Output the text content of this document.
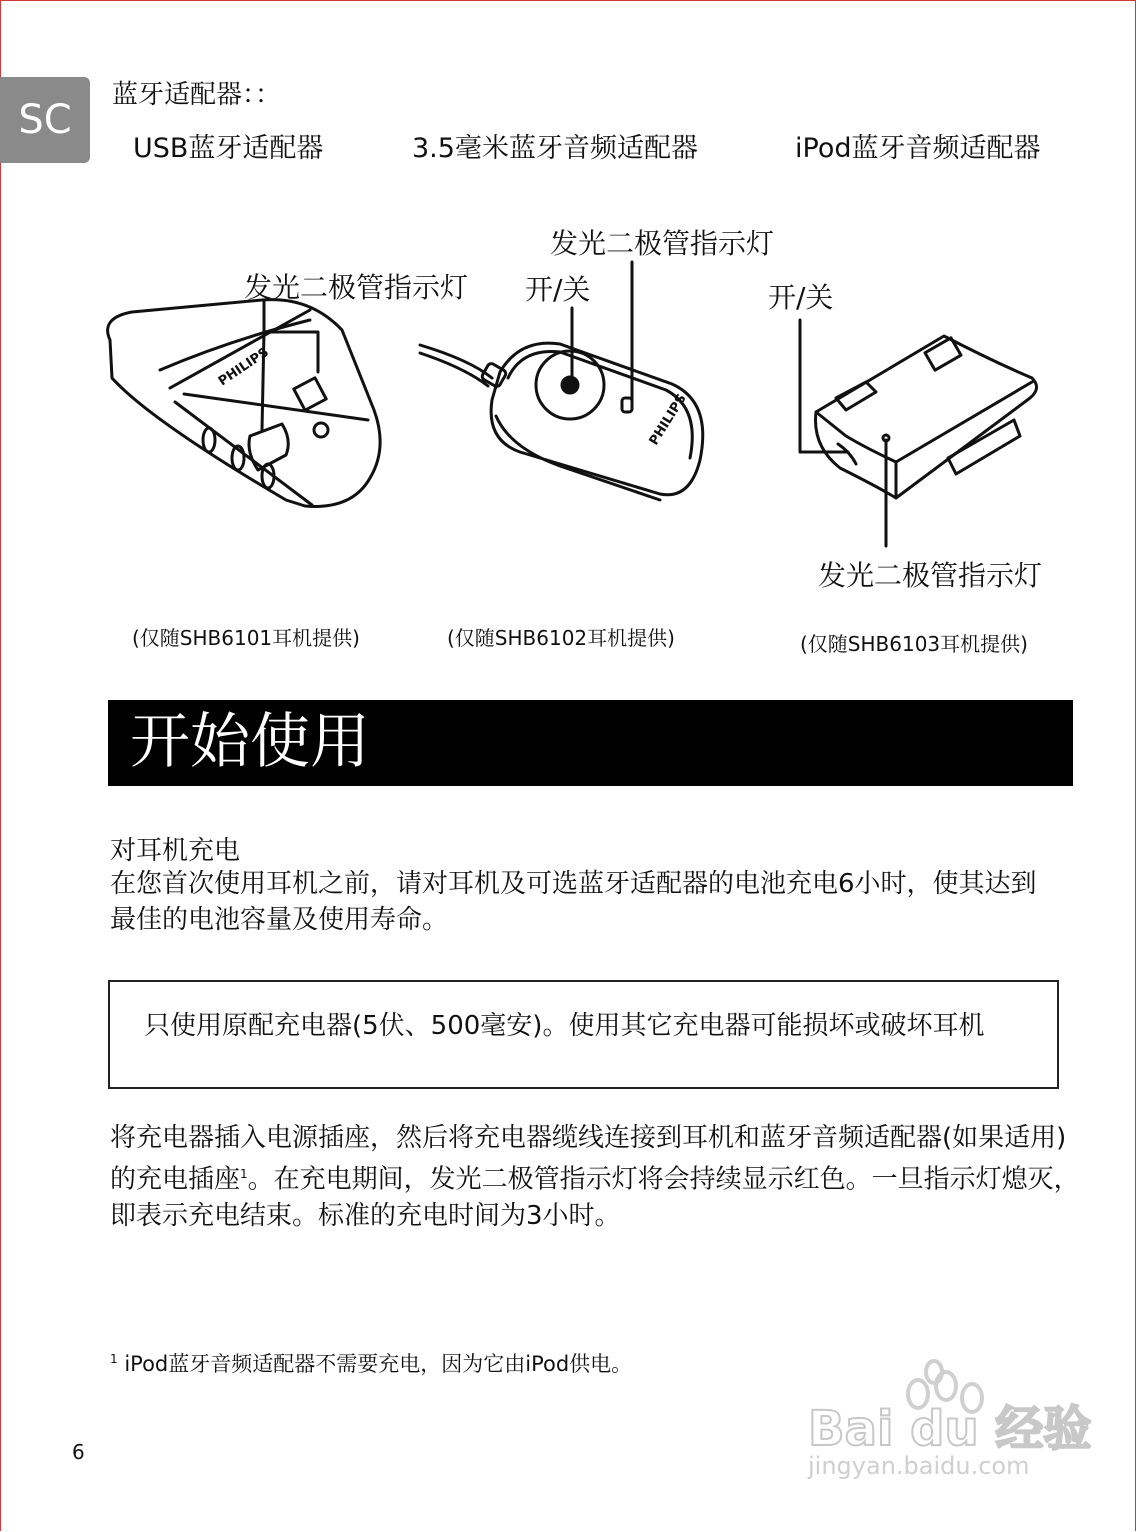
SC
蓝牙适配器：：
USB蓝牙适配器	3.5毫米蓝牙音频适配器	iPod蓝牙音频适配器
PHILIPS
PHILIPS
发光二极管指示灯
发光二极管指示灯
开/关	开/关
发光二极管指示灯
(仅随SHB6101耳机提供)	(仅随SHB6102耳机提供)	(仅随SHB6103耳机提供)
开始使用
对耳机充电
在您首次使用耳机之前，请对耳机及可选蓝牙适配器的电池充电6小时，使其达到最佳的电池容量及使用寿命。

只使用原配充电器(5伏、500毫安)。使用其它充电器可能损坏或破坏耳机

将充电器插入电源插座，然后将充电器缆线连接到耳机和蓝牙音频适配器(如果适用)的充电插座$^1$。在充电期间，发光二极管指示灯将会持续显示红色。一旦指示灯熄灭，即表示充电结束。标准的充电时间为3小时。
$^1$ iPod蓝牙音频适配器不需要充电，因为它由iPod供电。
6	Bai du 经验
jingyan.baidu.com
